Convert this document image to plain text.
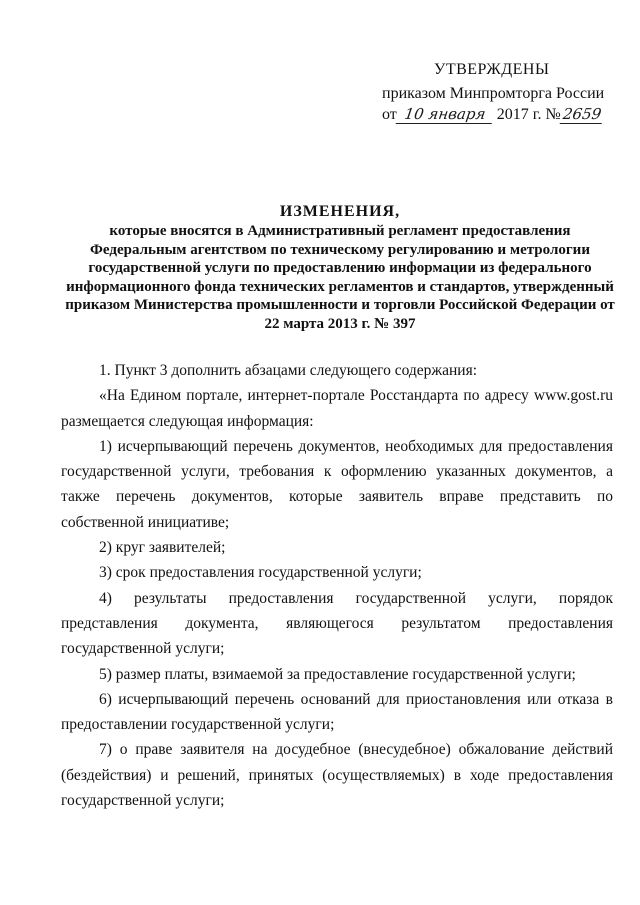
УТВЕРЖДЕНЫ
приказом Минпромторга России
от 10 января 2017 г. №2659
ИЗМЕНЕНИЯ,
которые вносятся в Административный регламент предоставления Федеральным агентством по техническому регулированию и метрологии государственной услуги по предоставлению информации из федерального информационного фонда технических регламентов и стандартов, утвержденный приказом Министерства промышленности и торговли Российской Федерации от 22 марта 2013 г. № 397

1. Пункт 3 дополнить абзацами следующего содержания:

«На Едином портале, интернет-портале Росстандарта по адресу www.gost.ru размещается следующая информация:

1) исчерпывающий перечень документов, необходимых для предоставления государственной услуги, требования к оформлению указанных документов, а также перечень документов, которые заявитель вправе представить по собственной инициативе;

2) круг заявителей;

3) срок предоставления государственной услуги;

4) результаты предоставления государственной услуги, порядок представления документа, являющегося результатом предоставления государственной услуги;

5) размер платы, взимаемой за предоставление государственной услуги;

6) исчерпывающий перечень оснований для приостановления или отказа в предоставлении государственной услуги;

7) о праве заявителя на досудебное (внесудебное) обжалование действий (бездействия) и решений, принятых (осуществляемых) в ходе предоставления государственной услуги;
